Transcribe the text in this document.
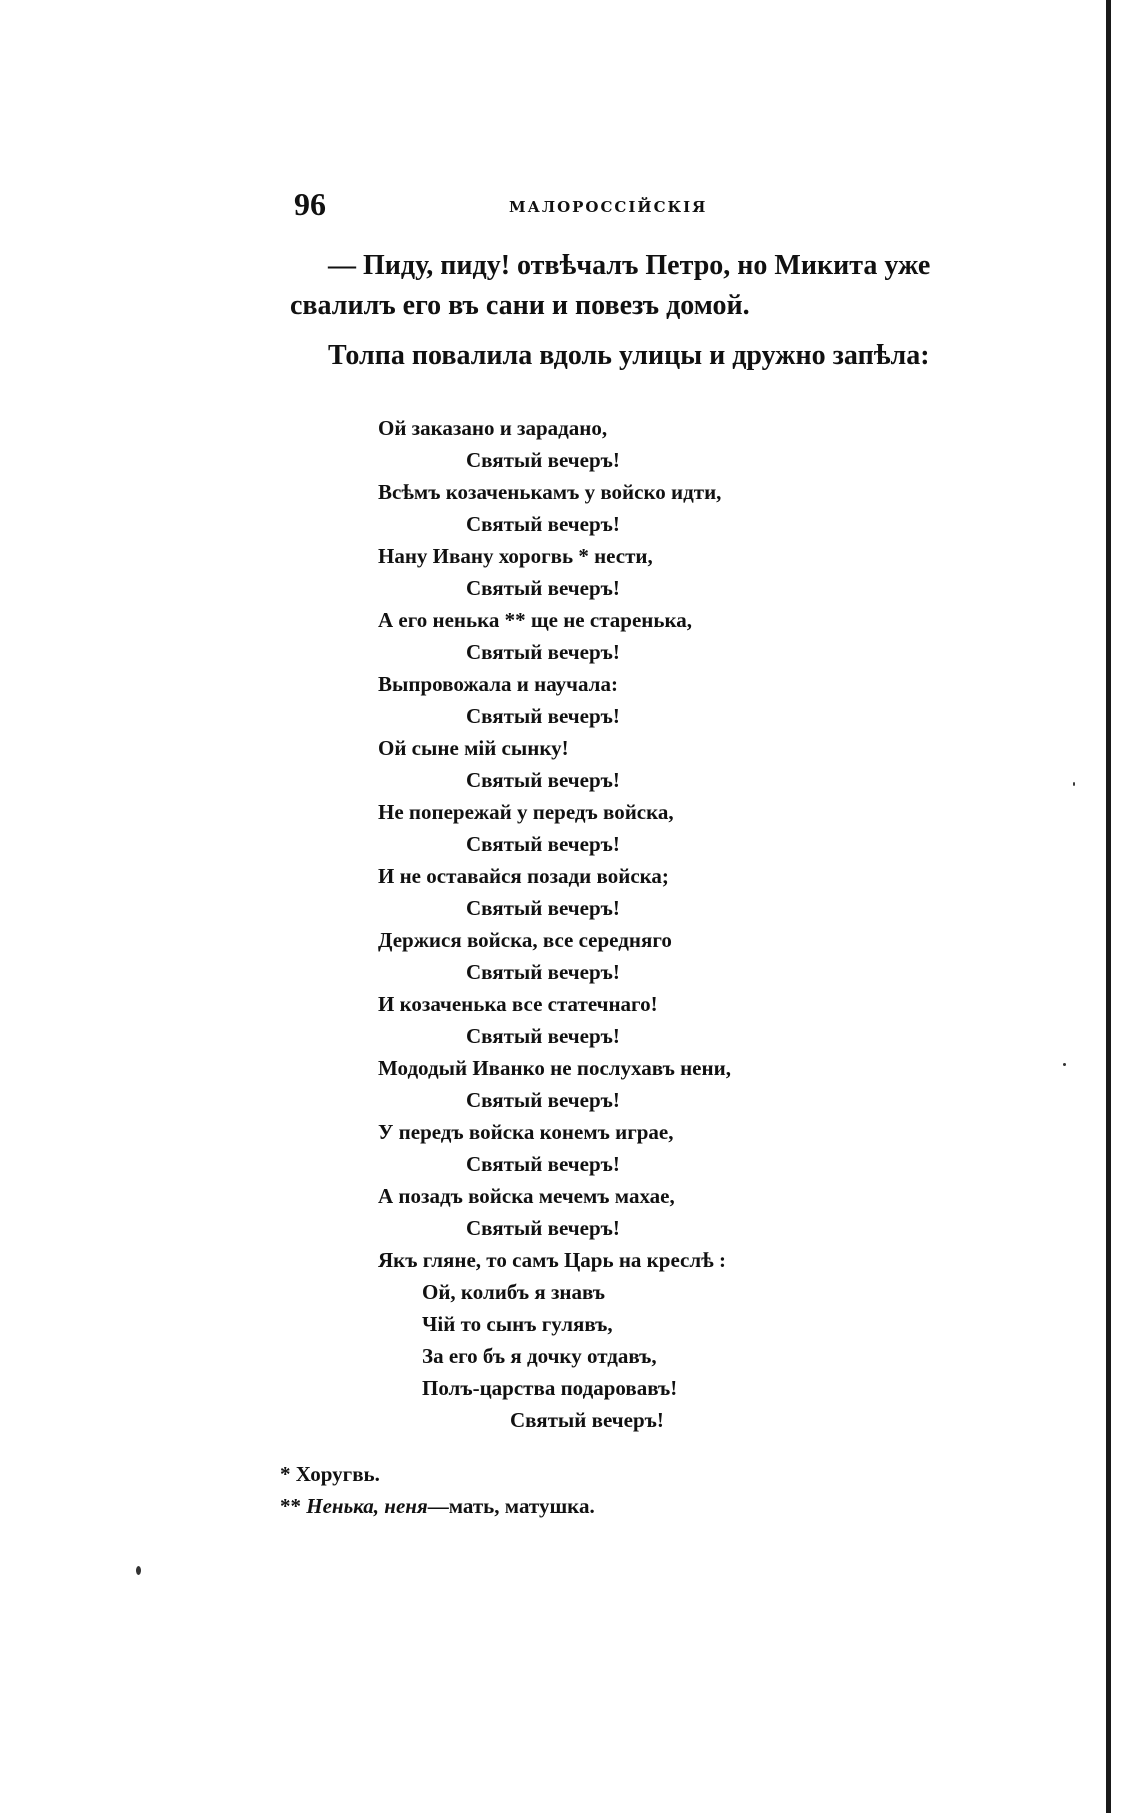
96	малороссійскія

— Пиду, пиду! отвѣчалъ Петро, но Микита уже

свалилъ его въ сани и повезъ домой.

Толпа повалила вдоль улицы и дружно запѣла:

Ой заказано и зарадано,
Святый вечеръ!
Всѣмъ козаченькамъ у войско идти,
Святый вечеръ!
Нану Ивану хорогвь * нести,
Святый вечеръ!
А его ненька ** ще не старенька,
Святый вечеръ!
Выпровожала и научала:
Святый вечеръ!
Ой сыне мій сынку!
Святый вечеръ!
Не поперeжай у передъ войска,
Святый вечеръ!
И не оставайся позади войска;
Святый вечеръ!
Держися войска, все середняго
Святый вечеръ!
И козаченька все статечнаго!
Святый вечеръ!
Мододый Иванко не послухавъ нени,
Святый вечеръ!
У передъ войска конемъ играе,
Святый вечеръ!
А позадъ войска мечемъ махае,
Святый вечеръ!
Якъ гляне, то самъ Царь на креслѣ :
Ой, колибъ я знавъ
Чій то сынъ гулявъ,
За его бъ я дочку отдавъ,
Полъ-царства подаровавъ!
Святый вечеръ!
* Хоругвь.
** Ненька, неня—мать, матушка.
